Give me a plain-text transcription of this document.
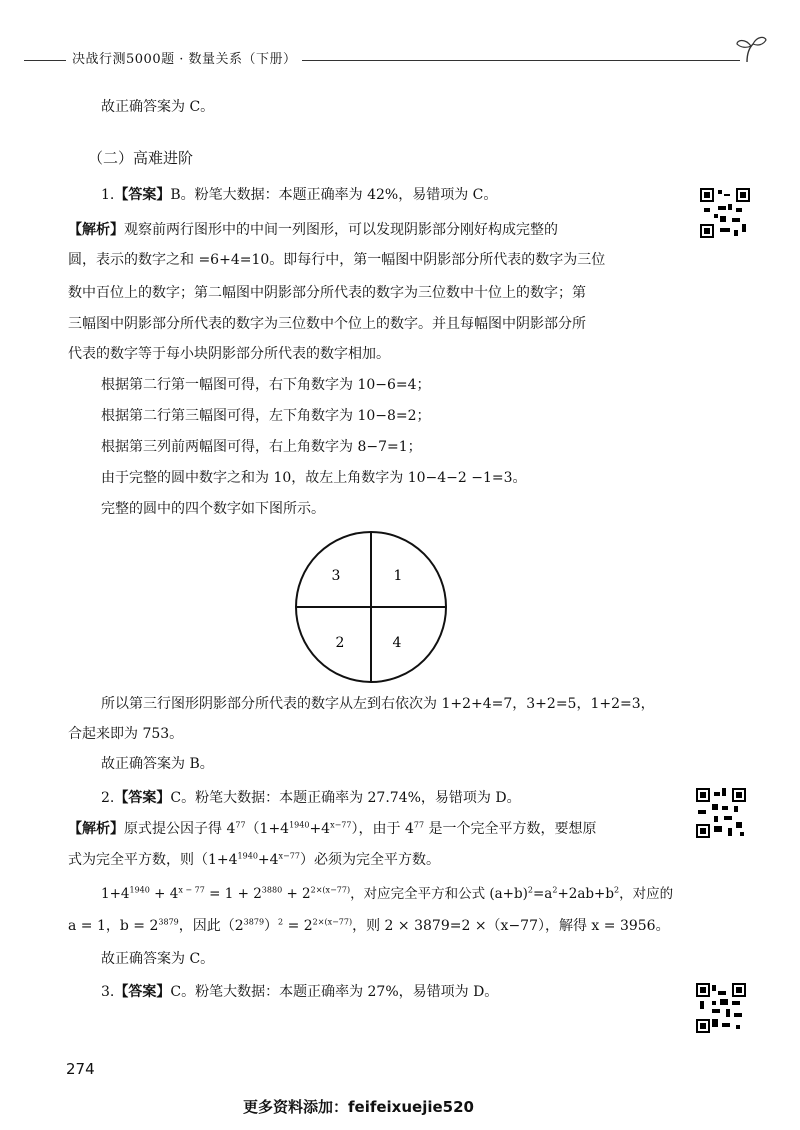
决战行测5000题 · 数量关系（下册）
故正确答案为 C。
（二）高难进阶
1.【答案】B。粉笔大数据：本题正确率为 42%，易错项为 C。
【解析】观察前两行图形中的中间一列图形，可以发现阴影部分刚好构成完整的
圆，表示的数字之和 =6+4=10。即每行中，第一幅图中阴影部分所代表的数字为三位
数中百位上的数字；第二幅图中阴影部分所代表的数字为三位数中十位上的数字；第
三幅图中阴影部分所代表的数字为三位数中个位上的数字。并且每幅图中阴影部分所
代表的数字等于每小块阴影部分所代表的数字相加。
根据第二行第一幅图可得，右下角数字为 10−6=4；
根据第二行第三幅图可得，左下角数字为 10−8=2；
根据第三列前两幅图可得，右上角数字为 8−7=1；
由于完整的圆中数字之和为 10，故左上角数字为 10−4−2 −1=3。
完整的圆中的四个数字如下图所示。
3	1
2	4
所以第三行图形阴影部分所代表的数字从左到右依次为 1+2+4=7，3+2=5，1+2=3，
合起来即为 753。
故正确答案为 B。
2.【答案】C。粉笔大数据：本题正确率为 27.74%，易错项为 D。
【解析】原式提公因子得 $4^{77}(1+4^{1940}+4^{x-77})$，由于 $4^{77}$ 是一个完全平方数，要想原
式为完全平方数，则$(1+4^{1940}+4^{x-77})$必须为完全平方数。
$1+4^{1940} + 4^{x - 77} = 1 + 2^{3880} + 2^{2\times(x-77)}$，对应完全平方和公式 $(a+b)^2=a^2+2ab+b^2$，对应的
a = 1，$b = 2^{3879}$，因此$(2^{3879})^2 = 2^{2\times(x-77)}$，则 2 × 3879=2 ×（x−77），解得 x = 3956。
故正确答案为 C。
3.【答案】C。粉笔大数据：本题正确率为 27%，易错项为 D。
274
更多资料添加：feifeixuejie520
